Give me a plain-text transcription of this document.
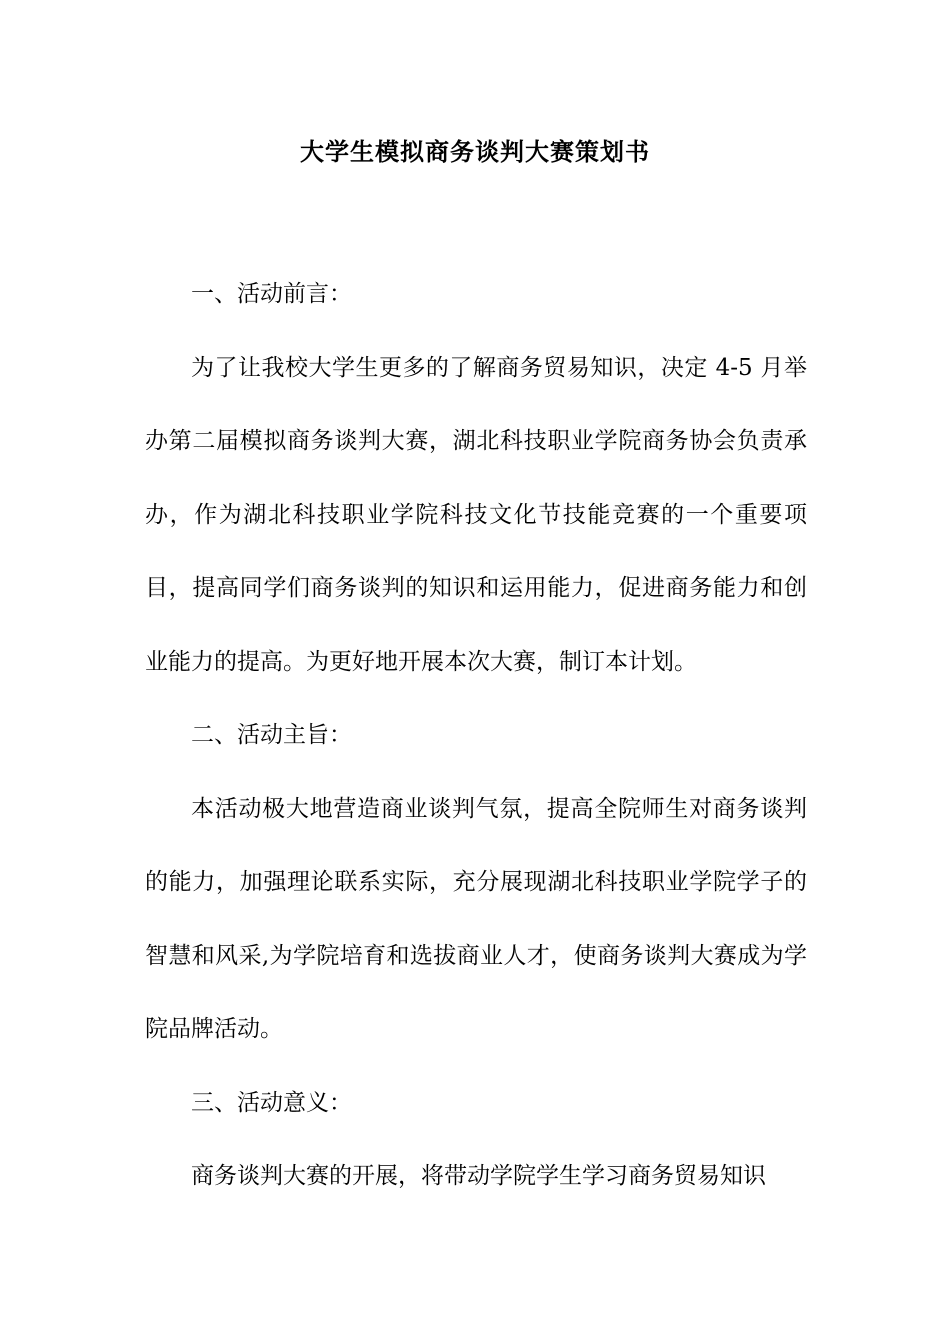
大学生模拟商务谈判大赛策划书

一、活动前言：

为了让我校大学生更多的了解商务贸易知识，决定 4-5 月举办第二届模拟商务谈判大赛，湖北科技职业学院商务协会负责承办，作为湖北科技职业学院科技文化节技能竞赛的一个重要项目，提高同学们商务谈判的知识和运用能力，促进商务能力和创业能力的提高。为更好地开展本次大赛，制订本计划。

二、活动主旨：

本活动极大地营造商业谈判气氛，提高全院师生对商务谈判的能力，加强理论联系实际，充分展现湖北科技职业学院学子的智慧和风采,为学院培育和选拔商业人才，使商务谈判大赛成为学院品牌活动。

三、活动意义：

商务谈判大赛的开展，将带动学院学生学习商务贸易知识
